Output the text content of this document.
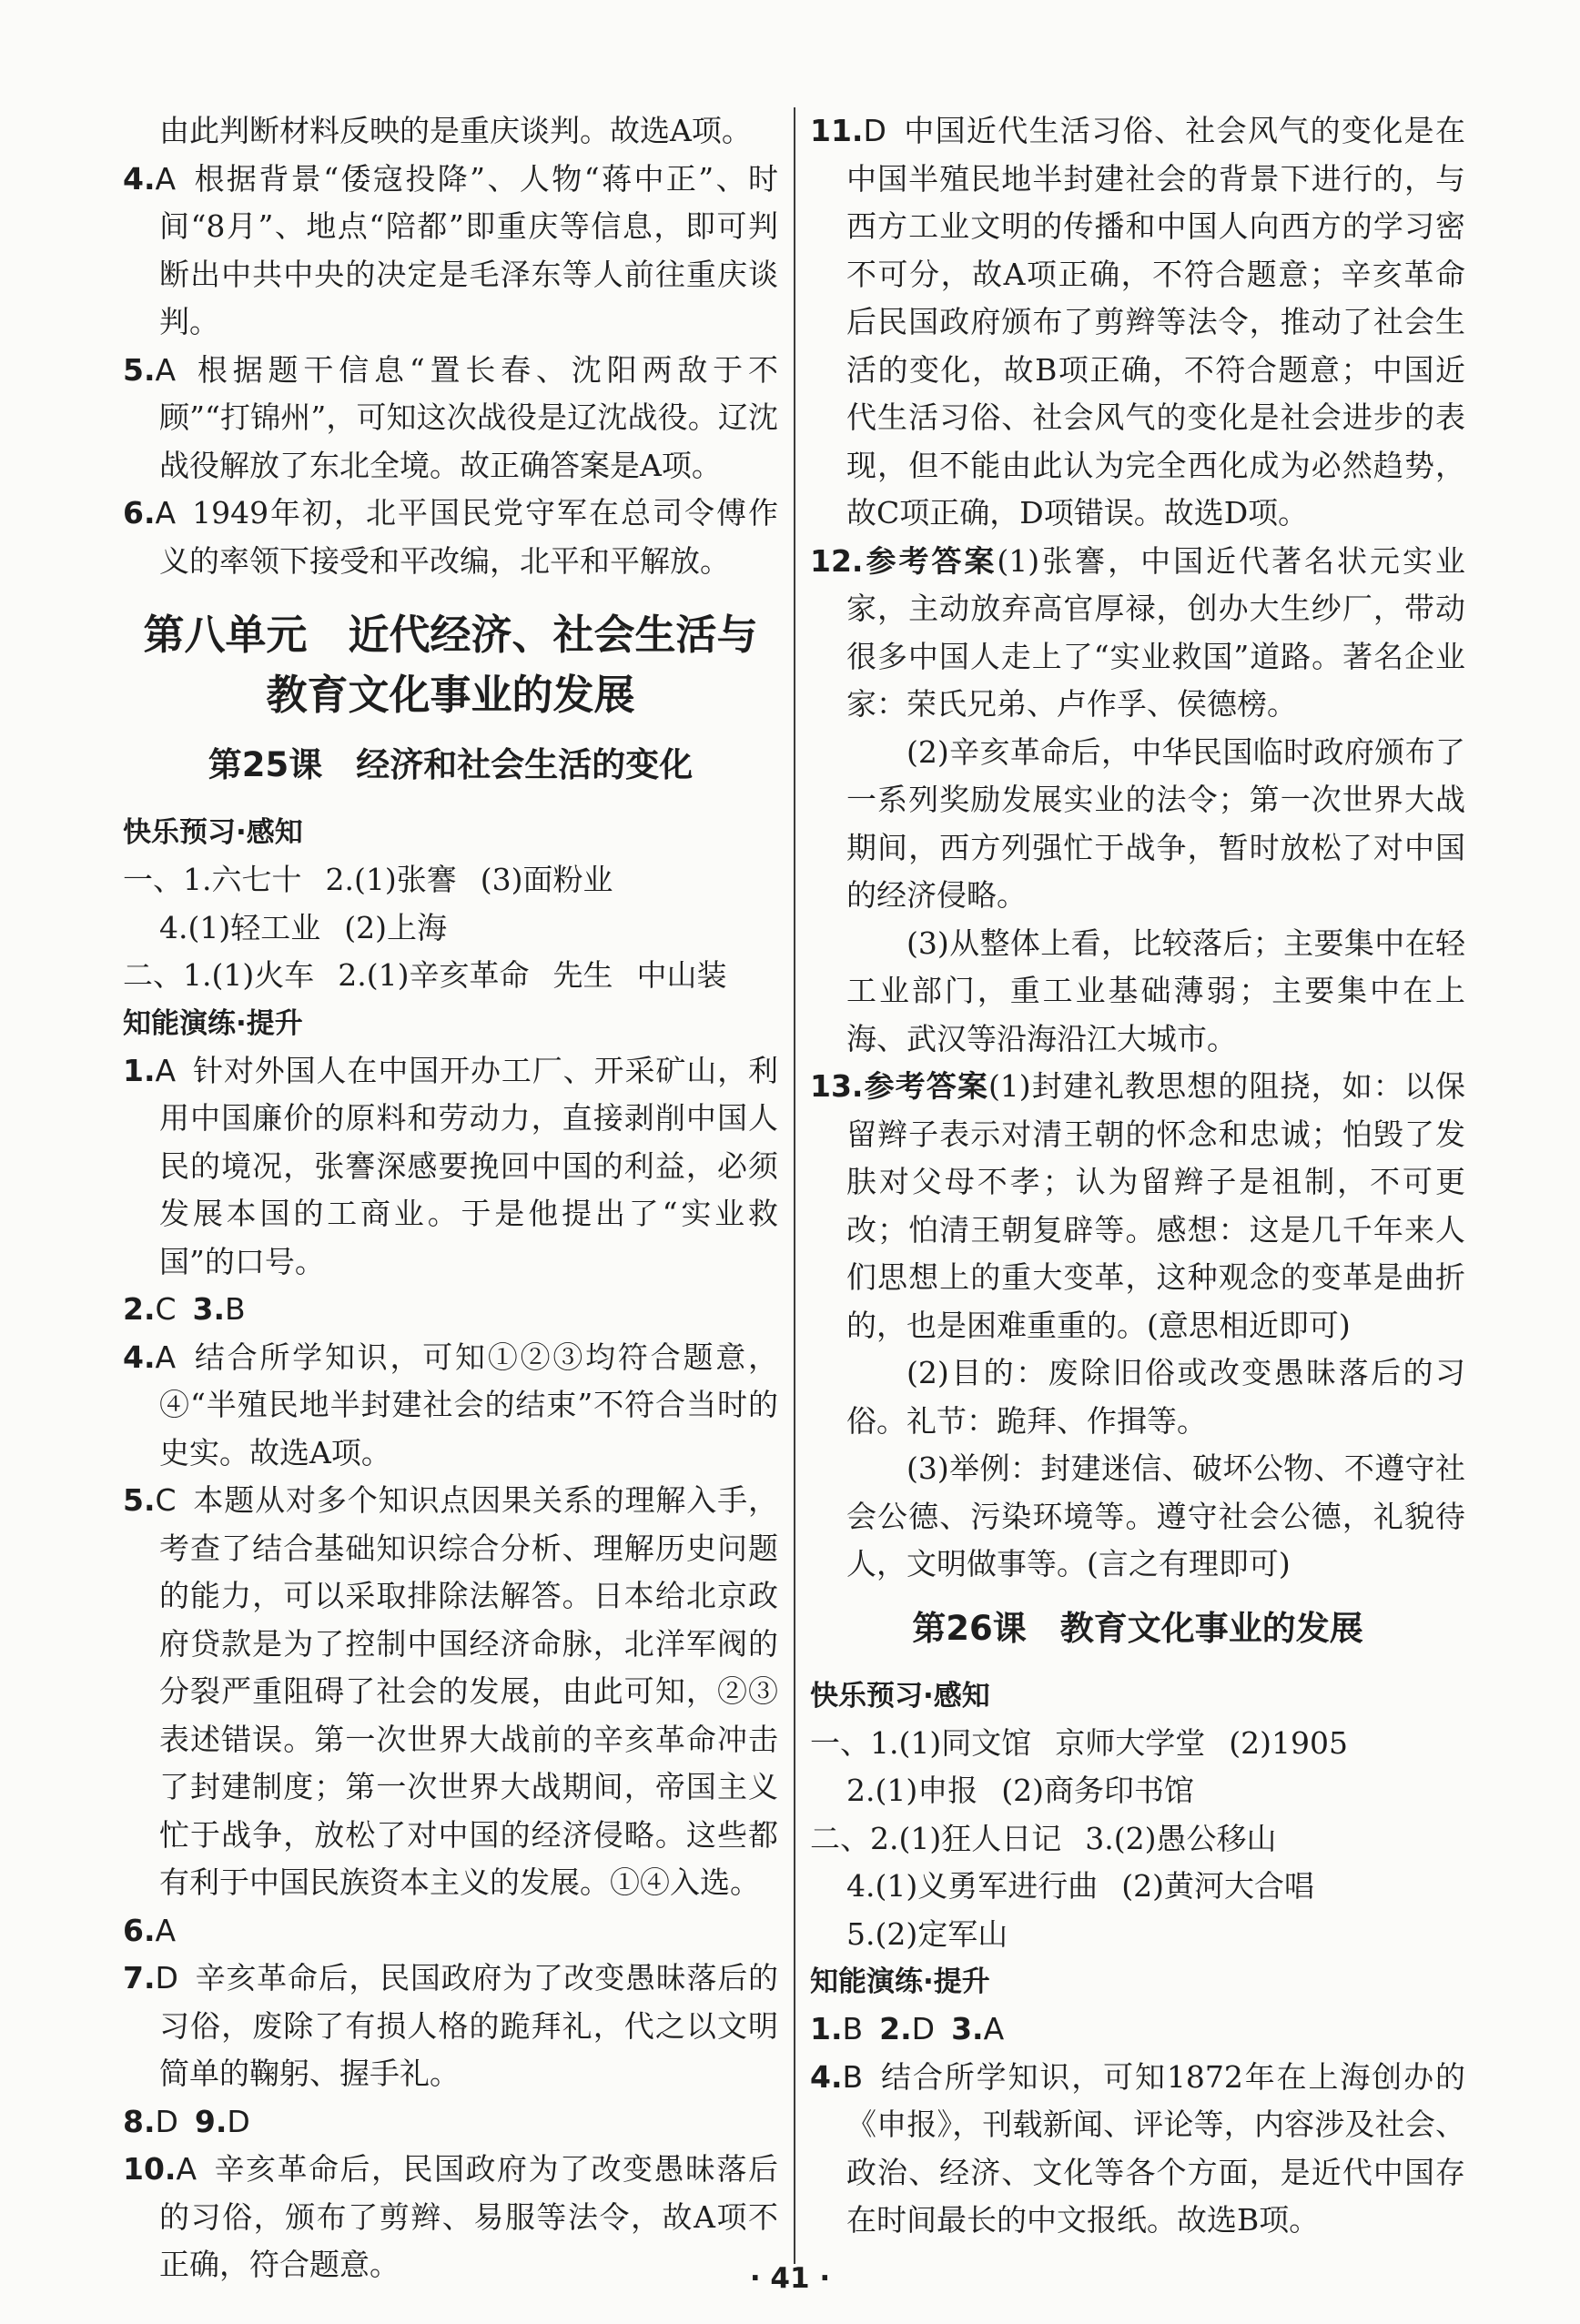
由此判断材料反映的是重庆谈判。故选A项。

4.A 根据背景“倭寇投降”、人物“蒋中正”、时间“8月”、地点“陪都”即重庆等信息，即可判断出中共中央的决定是毛泽东等人前往重庆谈判。

5.A 根据题干信息“置长春、沈阳两敌于不顾”“打锦州”，可知这次战役是辽沈战役。辽沈战役解放了东北全境。故正确答案是A项。

6.A 1949年初，北平国民党守军在总司令傅作义的率领下接受和平改编，北平和平解放。

第八单元　近代经济、社会生活与
教育文化事业的发展
第25课　经济和社会生活的变化

快乐预习·感知

一、1.六七十 2.(1)张謇 (3)面粉业

4.(1)轻工业 (2)上海

二、1.(1)火车 2.(1)辛亥革命 先生 中山装

知能演练·提升

1.A 针对外国人在中国开办工厂、开采矿山，利用中国廉价的原料和劳动力，直接剥削中国人民的境况，张謇深感要挽回中国的利益，必须发展本国的工商业。于是他提出了“实业救国”的口号。

2.C 3.B

4.A 结合所学知识，可知①②③均符合题意，④“半殖民地半封建社会的结束”不符合当时的史实。故选A项。

5.C 本题从对多个知识点因果关系的理解入手，考查了结合基础知识综合分析、理解历史问题的能力，可以采取排除法解答。日本给北京政府贷款是为了控制中国经济命脉，北洋军阀的分裂严重阻碍了社会的发展，由此可知，②③表述错误。第一次世界大战前的辛亥革命冲击了封建制度；第一次世界大战期间，帝国主义忙于战争，放松了对中国的经济侵略。这些都有利于中国民族资本主义的发展。①④入选。

6.A

7.D 辛亥革命后，民国政府为了改变愚昧落后的习俗，废除了有损人格的跪拜礼，代之以文明简单的鞠躬、握手礼。

8.D 9.D

10.A 辛亥革命后，民国政府为了改变愚昧落后的习俗，颁布了剪辫、易服等法令，故A项不正确，符合题意。

11.D 中国近代生活习俗、社会风气的变化是在中国半殖民地半封建社会的背景下进行的，与西方工业文明的传播和中国人向西方的学习密不可分，故A项正确，不符合题意；辛亥革命后民国政府颁布了剪辫等法令，推动了社会生活的变化，故B项正确，不符合题意；中国近代生活习俗、社会风气的变化是社会进步的表现，但不能由此认为完全西化成为必然趋势，故C项正确，D项错误。故选D项。

12.参考答案(1)张謇，中国近代著名状元实业家，主动放弃高官厚禄，创办大生纱厂，带动很多中国人走上了“实业救国”道路。著名企业家：荣氏兄弟、卢作孚、侯德榜。

(2)辛亥革命后，中华民国临时政府颁布了一系列奖励发展实业的法令；第一次世界大战期间，西方列强忙于战争，暂时放松了对中国的经济侵略。

(3)从整体上看，比较落后；主要集中在轻工业部门，重工业基础薄弱；主要集中在上海、武汉等沿海沿江大城市。

13.参考答案(1)封建礼教思想的阻挠，如：以保留辫子表示对清王朝的怀念和忠诚；怕毁了发肤对父母不孝；认为留辫子是祖制，不可更改；怕清王朝复辟等。感想：这是几千年来人们思想上的重大变革，这种观念的变革是曲折的，也是困难重重的。(意思相近即可)

(2)目的：废除旧俗或改变愚昧落后的习俗。礼节：跪拜、作揖等。

(3)举例：封建迷信、破坏公物、不遵守社会公德、污染环境等。遵守社会公德，礼貌待人，文明做事等。(言之有理即可)

第26课　教育文化事业的发展

快乐预习·感知

一、1.(1)同文馆 京师大学堂 (2)1905

2.(1)申报 (2)商务印书馆

二、2.(1)狂人日记 3.(2)愚公移山

4.(1)义勇军进行曲 (2)黄河大合唱

5.(2)定军山

知能演练·提升

1.B 2.D 3.A

4.B 结合所学知识，可知1872年在上海创办的《申报》，刊载新闻、评论等，内容涉及社会、政治、经济、文化等各个方面，是近代中国存在时间最长的中文报纸。故选B项。

· 41 ·
